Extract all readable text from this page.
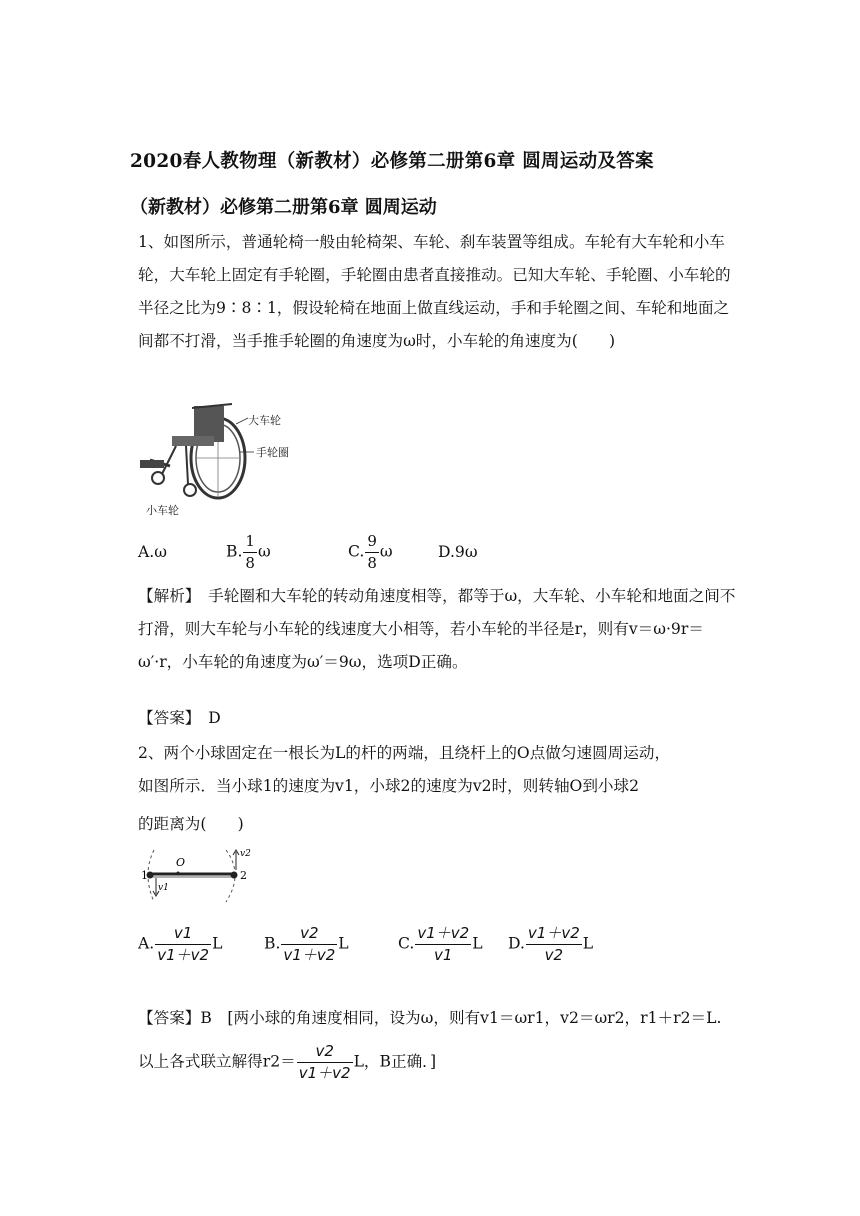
2020春人教物理（新教材）必修第二册第6章 圆周运动及答案
（新教材）必修第二册第6章 圆周运动
1、如图所示，普通轮椅一般由轮椅架、车轮、刹车装置等组成。车轮有大车轮和小车轮，大车轮上固定有手轮圈，手轮圈由患者直接推动。已知大车轮、手轮圈、小车轮的半径之比为9∶8∶1，假设轮椅在地面上做直线运动，手和手轮圈之间、车轮和地面之间都不打滑，当手推手轮圈的角速度为ω时，小车轮的角速度为(　　)
大车轮
手轮圈
小车轮
A.ω	B. $\frac{1}{8}$ ω	C. $\frac{9}{8}$ ω	D.9ω
【解析】　手轮圈和大车轮的转动角速度相等，都等于ω，大车轮、小车轮和地面之间不打滑，则大车轮与小车轮的线速度大小相等，若小车轮的半径是r，则有v＝ω·9r＝ω′·r，小车轮的角速度为ω′＝9ω，选项D正确。
【答案】　 D
2、两个小球固定在一根长为L的杆的两端，且绕杆上的O点做匀速圆周运动，
如图所示．当小球1的速度为v1，小球2的速度为v2时，则转轴O到小球2
的距离为(　　)
O
1	2
v1
v2
A. $\frac{v1}{v1+v2}$ L	B. $\frac{v2}{v1+v2}$ L	C. $\frac{v1+v2}{v1}$ L D. $\frac{v1+v2}{v2}$ L
【答案】B　[两小球的角速度相同，设为ω，则有v1＝ωr1，v2＝ωr2，r1＋r2＝L.
以上各式联立解得$r2= \frac{v2}{v1+v2}$ L，B正确．]
